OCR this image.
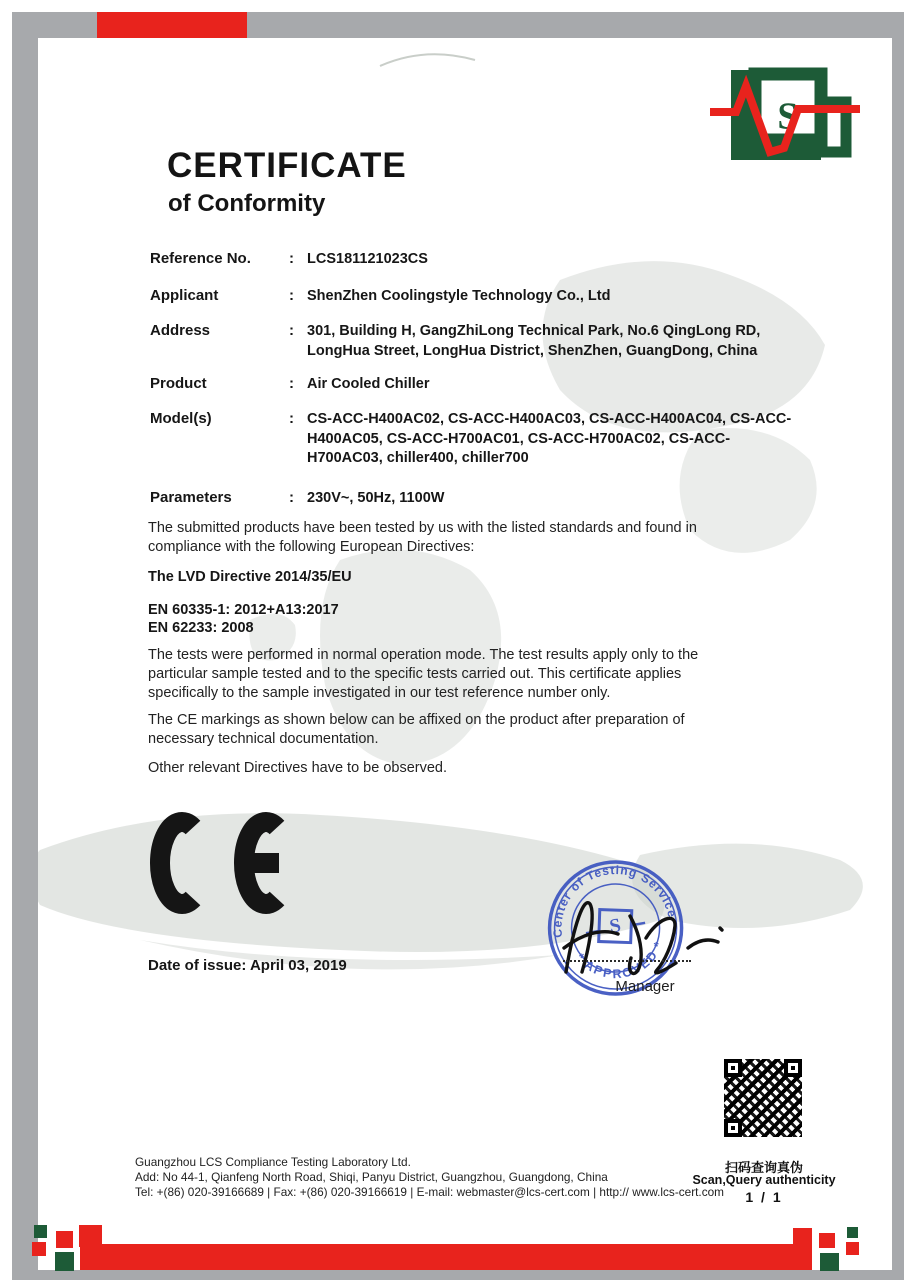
S
CERTIFICATE
of Conformity
Reference No.	: LCS181121023CS
Applicant	: ShenZhen Coolingstyle Technology Co., Ltd
Address	: 301, Building H, GangZhiLong Technical Park, No.6 QingLong RD, LongHua Street, LongHua District, ShenZhen, GuangDong, China
Product	: Air Cooled Chiller
Model(s)	: CS-ACC-H400AC02, CS-ACC-H400AC03, CS-ACC-H400AC04, CS-ACC-H400AC05, CS-ACC-H700AC01, CS-ACC-H700AC02, CS-ACC-H700AC03, chiller400, chiller700
Parameters	: 230V~, 50Hz, 1100W
The submitted products have been tested by us with the listed standards and found in compliance with the following European Directives:
The LVD Directive 2014/35/EU
EN 60335-1: 2012+A13:2017
EN 62233: 2008
The tests were performed in normal operation mode. The test results apply only to the particular sample tested and to the specific tests carried out. This certificate applies specifically to the sample investigated in our test reference number only.
The CE markings as shown below can be affixed on the product after preparation of necessary technical documentation.
Other relevant Directives have to be observed.
Date of issue: April 03, 2019
Center of Testing Service
* APPROVED *
S
Manager
扫码查询真伪
Scan,Query authenticity
1 / 1
Guangzhou LCS Compliance Testing Laboratory Ltd.
Add: No 44-1, Qianfeng North Road, Shiqi, Panyu District, Guangzhou, Guangdong, China
Tel: +(86) 020-39166689 | Fax: +(86) 020-39166619 | E-mail: webmaster@lcs-cert.com | http:// www.lcs-cert.com
